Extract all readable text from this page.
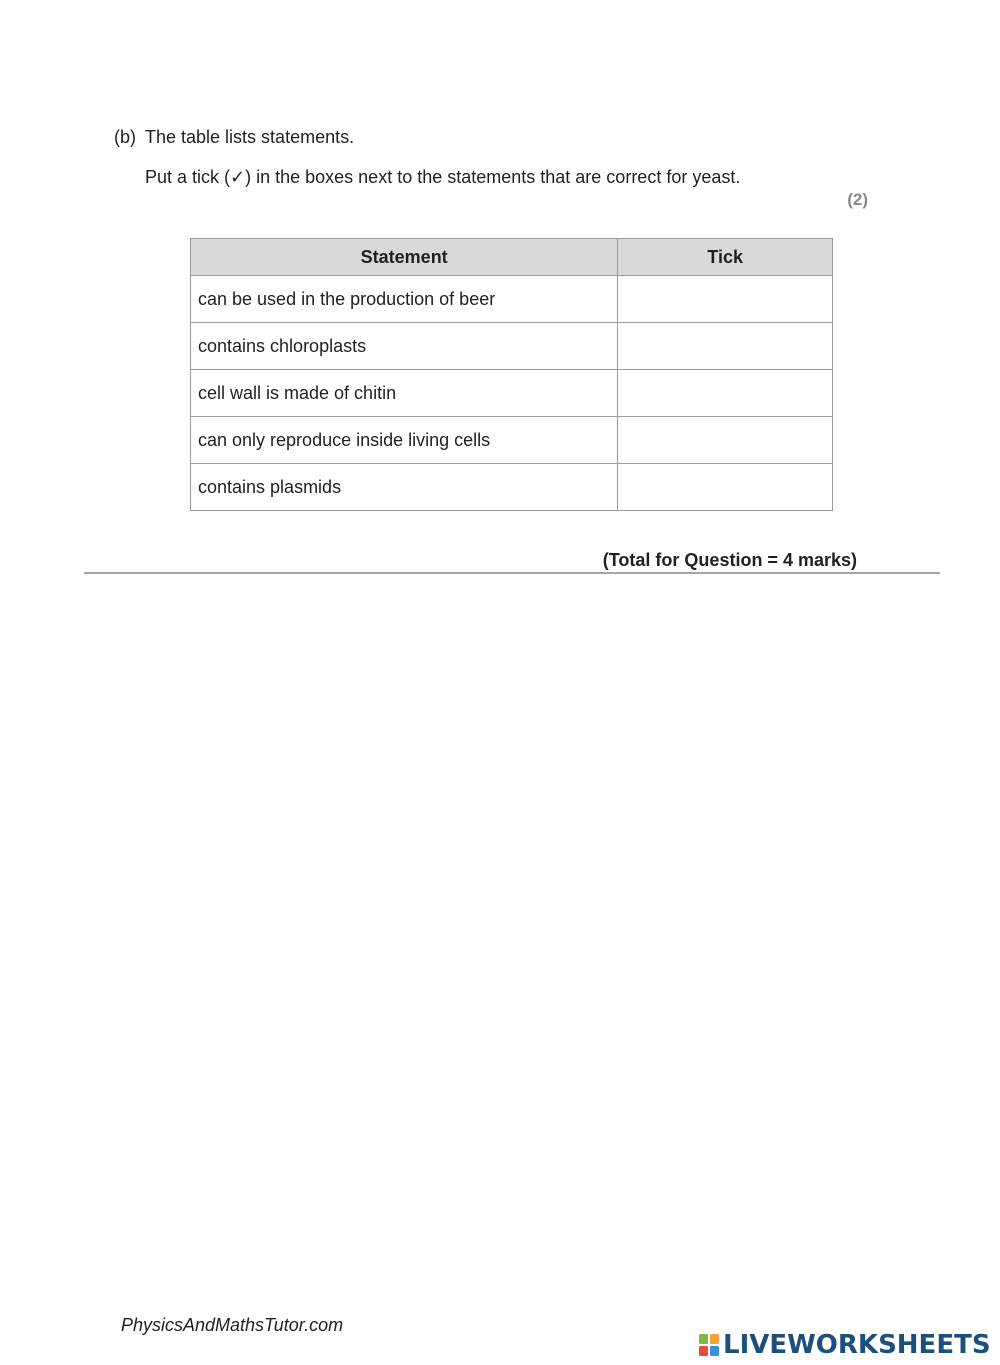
(b) The table lists statements.
Put a tick (✓) in the boxes next to the statements that are correct for yeast.
(2)
Statement	Tick
can be used in the production of beer	
contains chloroplasts	
cell wall is made of chitin	
can only reproduce inside living cells	
contains plasmids	
(Total for Question = 4 marks)
PhysicsAndMathsTutor.com
LIVEWORKSHEETS
